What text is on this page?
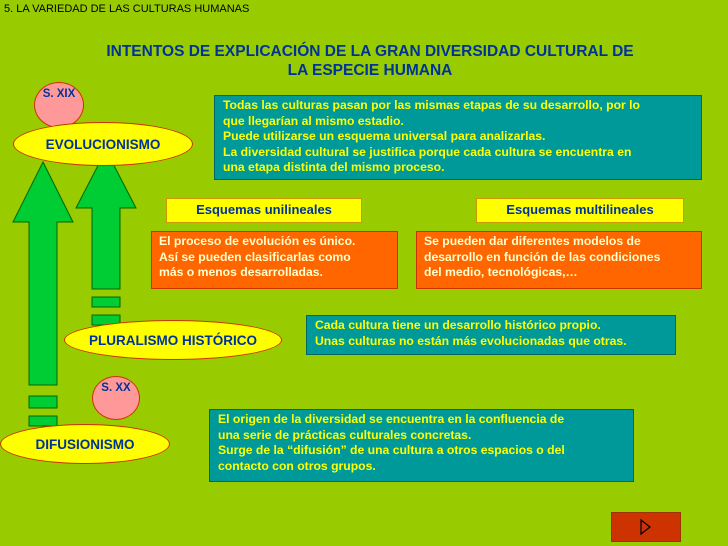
5. LA VARIEDAD DE LAS CULTURAS HUMANAS
INTENTOS DE EXPLICACIÓN DE LA GRAN DIVERSIDAD CULTURAL DE
LA ESPECIE HUMANA
S. XIX
EVOLUCIONISMO
Todas las culturas pasan por las mismas etapas de su desarrollo, por lo
que llegarían al mismo estadio.
Puede utilizarse un esquema universal para analizarlas.
La diversidad cultural se justifica porque cada cultura se encuentra en
una etapa distinta del mismo proceso.
Esquemas unilineales
El proceso de evolución es único.
Así se pueden clasificarlas como
más o menos desarrolladas.
Esquemas multilineales
Se pueden dar diferentes modelos de
desarrollo en función de las condiciones
del medio, tecnológicas,…
PLURALISMO HISTÓRICO
Cada cultura tiene un desarrollo histórico propio.
Unas culturas no están más evolucionadas que otras.
S. XX
DIFUSIONISMO
El origen de la diversidad se encuentra en la confluencia de
una serie de prácticas culturales concretas.
Surge de la “difusión” de una cultura a otros espacios o del
contacto con otros grupos.
